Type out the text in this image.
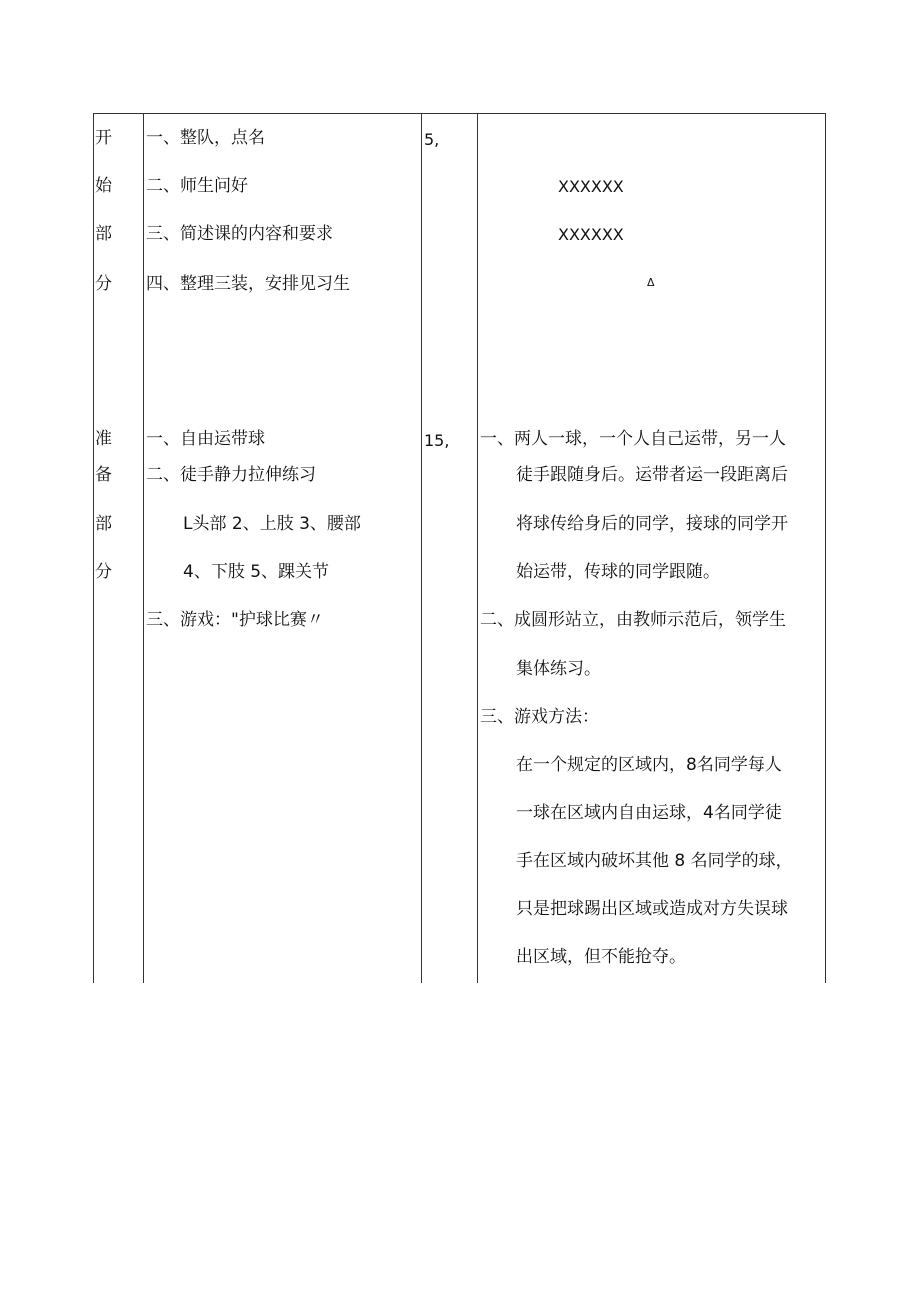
开
始
部
分
一、整队，点名
二、师生问好
三、简述课的内容和要求
四、整理三装，安排见习生
5,
XXXXXX
XXXXXX
Δ
准
备
部
分
一、自由运带球
二、徒手静力拉伸练习
L头部 2、上肢 3、腰部
4、下肢 5、踝关节
三、游戏："护球比赛〃
15, 一、两人一球，一个人自己运带，另一人
徒手跟随身后。运带者运一段距离后
将球传给身后的同学，接球的同学开
始运带，传球的同学跟随。
二、成圆形站立，由教师示范后，领学生
集体练习。
三、游戏方法：
在一个规定的区域内，8名同学每人
一球在区域内自由运球，4名同学徒
手在区域内破坏其他 8 名同学的球，
只是把球踢出区域或造成对方失误球
出区域，但不能抢夺。
